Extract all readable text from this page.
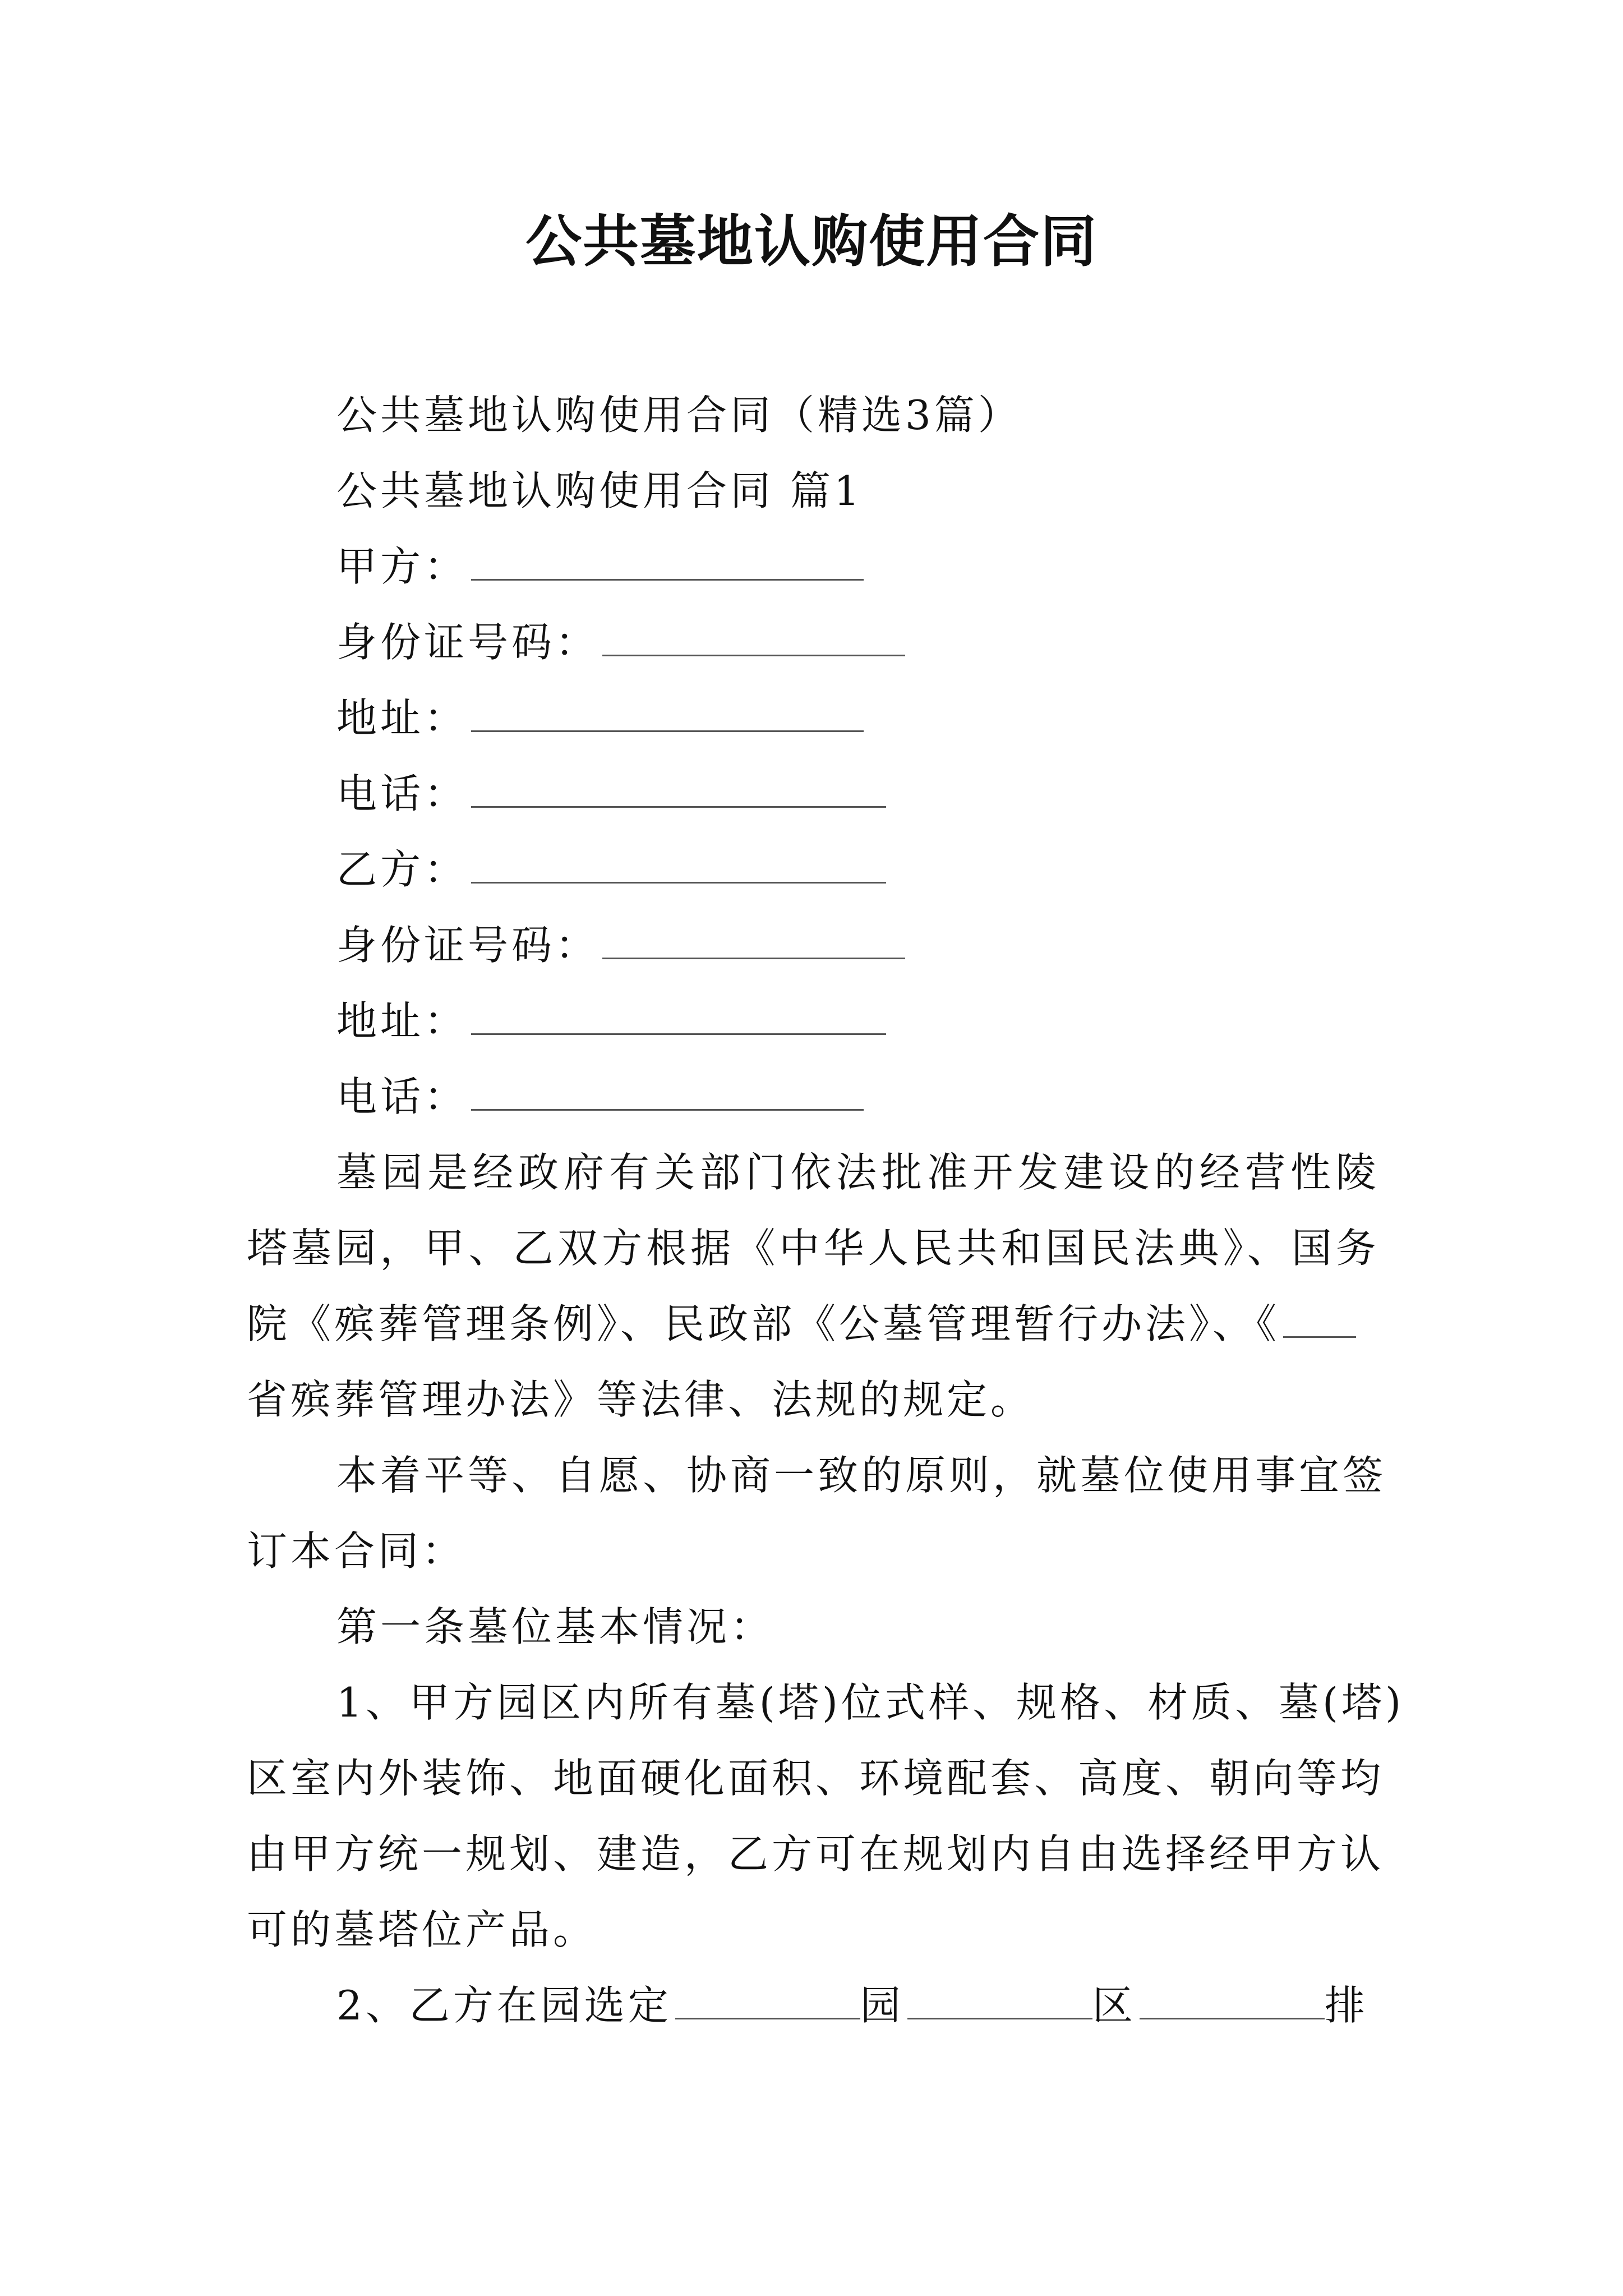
公共墓地认购使用合同
公共墓地认购使用合同（精选3篇）
公共墓地认购使用合同 篇1
甲方：
身份证号码：
地址：
电话：
乙方：
身份证号码：
地址：
电话：
墓园是经政府有关部门依法批准开发建设的经营性陵
塔墓园，甲、乙双方根据《中华人民共和国民法典》、国务
院《殡葬管理条例》、民政部《公墓管理暂行办法》、《
省殡葬管理办法》等法律、法规的规定。
本着平等、自愿、协商一致的原则，就墓位使用事宜签
订本合同：
第一条墓位基本情况：
1、甲方园区内所有墓(塔)位式样、规格、材质、墓(塔)
区室内外装饰、地面硬化面积、环境配套、高度、朝向等均
由甲方统一规划、建造，乙方可在规划内自由选择经甲方认
可的墓塔位产品。
2、乙方在园选定	园	区	排
